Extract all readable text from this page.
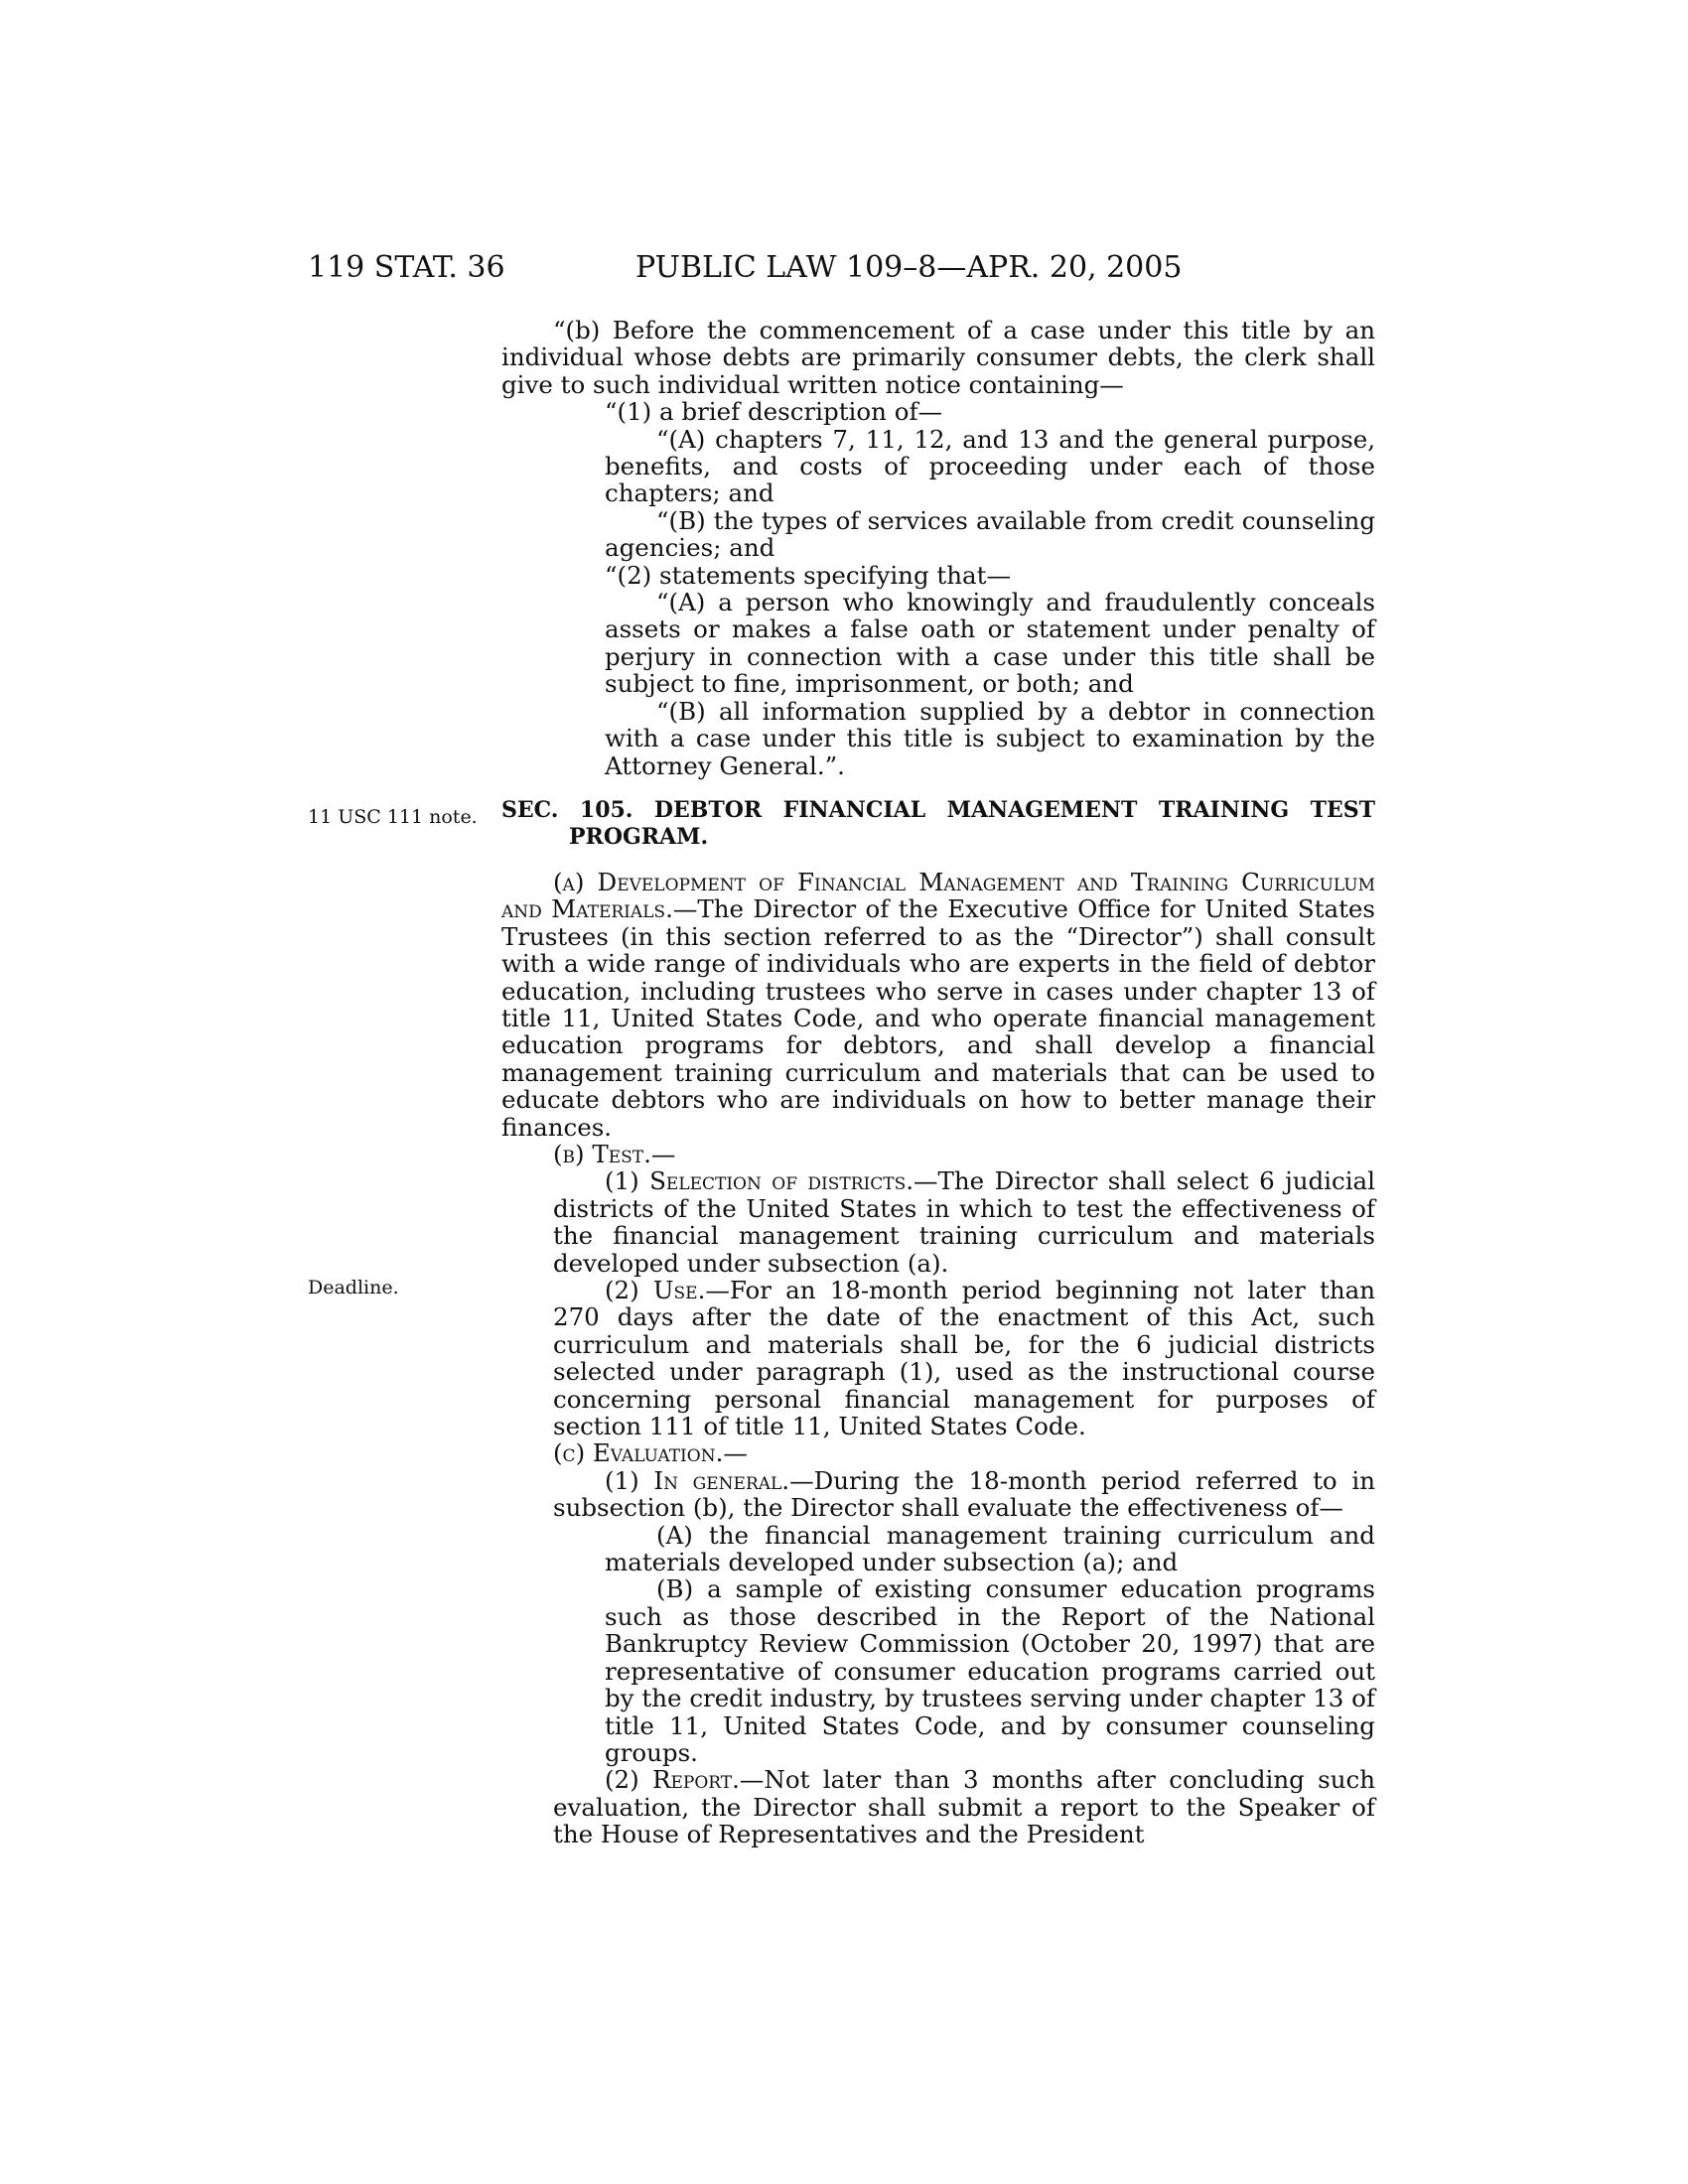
119 STAT. 36	PUBLIC LAW 109–8—APR. 20, 2005
11 USC 111 note.
Deadline.

“(b) Before the commencement of a case under this title by an individual whose debts are primarily consumer debts, the clerk shall give to such individual written notice containing—

“(1) a brief description of—

“(A) chapters 7, 11, 12, and 13 and the general purpose, benefits, and costs of proceeding under each of those chapters; and

“(B) the types of services available from credit counseling agencies; and

“(2) statements specifying that—

“(A) a person who knowingly and fraudulently conceals assets or makes a false oath or statement under penalty of perjury in connection with a case under this title shall be subject to fine, imprisonment, or both; and

“(B) all information supplied by a debtor in connection with a case under this title is subject to examination by the Attorney General.”.

SEC. 105. DEBTOR FINANCIAL MANAGEMENT TRAINING TEST PROGRAM.

(a) Development of Financial Management and Training Curriculum and Materials.—The Director of the Executive Office for United States Trustees (in this section referred to as the “Director”) shall consult with a wide range of individuals who are experts in the field of debtor education, including trustees who serve in cases under chapter 13 of title 11, United States Code, and who operate financial management education programs for debtors, and shall develop a financial management training curriculum and materials that can be used to educate debtors who are individuals on how to better manage their finances.

(b) Test.—

(1) Selection of districts.—The Director shall select 6 judicial districts of the United States in which to test the effectiveness of the financial management training curriculum and materials developed under subsection (a).

(2) Use.—For an 18-month period beginning not later than 270 days after the date of the enactment of this Act, such curriculum and materials shall be, for the 6 judicial districts selected under paragraph (1), used as the instructional course concerning personal financial management for purposes of section 111 of title 11, United States Code.

(c) Evaluation.—

(1) In general.—During the 18-month period referred to in subsection (b), the Director shall evaluate the effectiveness of—

(A) the financial management training curriculum and materials developed under subsection (a); and

(B) a sample of existing consumer education programs such as those described in the Report of the National Bankruptcy Review Commission (October 20, 1997) that are representative of consumer education programs carried out by the credit industry, by trustees serving under chapter 13 of title 11, United States Code, and by consumer counseling groups.

(2) Report.—Not later than 3 months after concluding such evaluation, the Director shall submit a report to the Speaker of the House of Representatives and the President
